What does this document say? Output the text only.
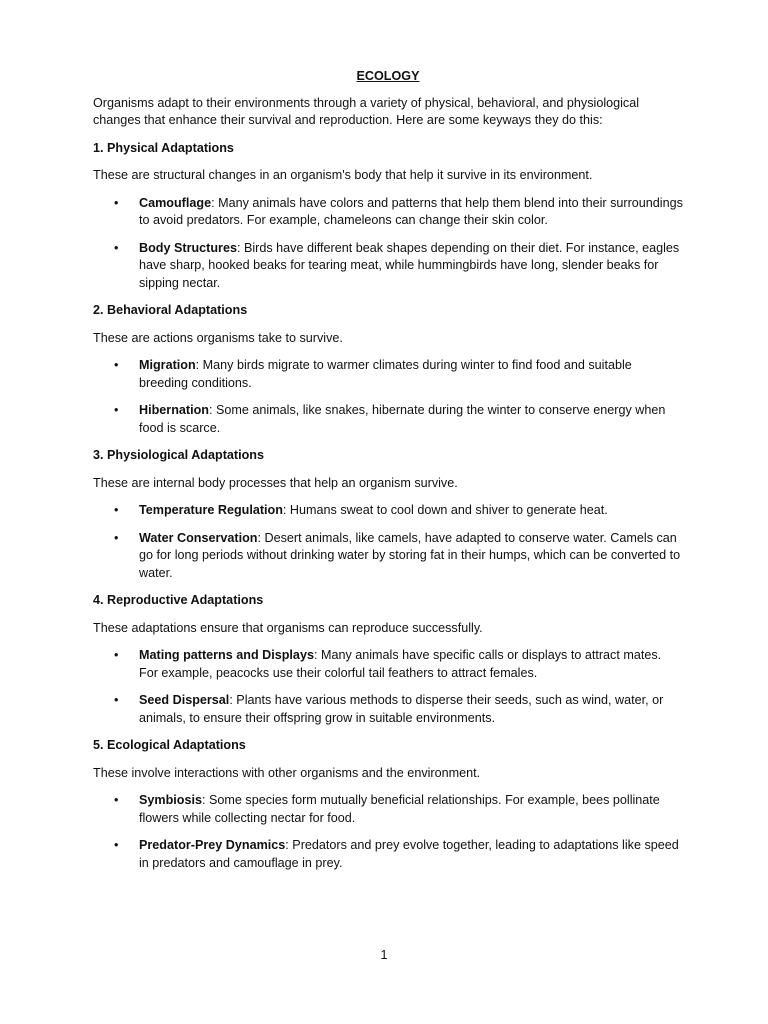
ECOLOGY

Organisms adapt to their environments through a variety of physical, behavioral, and physiological changes that enhance their survival and reproduction. Here are some keyways they do this:

1. Physical Adaptations

These are structural changes in an organism's body that help it survive in its environment.

• Camouflage: Many animals have colors and patterns that help them blend into their surroundings to avoid predators. For example, chameleons can change their skin color.
• Body Structures: Birds have different beak shapes depending on their diet. For instance, eagles have sharp, hooked beaks for tearing meat, while hummingbirds have long, slender beaks for sipping nectar.

2. Behavioral Adaptations

These are actions organisms take to survive.

• Migration: Many birds migrate to warmer climates during winter to find food and suitable breeding conditions.
• Hibernation: Some animals, like snakes, hibernate during the winter to conserve energy when food is scarce.

3. Physiological Adaptations

These are internal body processes that help an organism survive.

• Temperature Regulation: Humans sweat to cool down and shiver to generate heat.
• Water Conservation: Desert animals, like camels, have adapted to conserve water. Camels can go for long periods without drinking water by storing fat in their humps, which can be converted to water.

4. Reproductive Adaptations

These adaptations ensure that organisms can reproduce successfully.

• Mating patterns and Displays: Many animals have specific calls or displays to attract mates. For example, peacocks use their colorful tail feathers to attract females.
• Seed Dispersal: Plants have various methods to disperse their seeds, such as wind, water, or animals, to ensure their offspring grow in suitable environments.

5. Ecological Adaptations

These involve interactions with other organisms and the environment.

• Symbiosis: Some species form mutually beneficial relationships. For example, bees pollinate flowers while collecting nectar for food.
• Predator-Prey Dynamics: Predators and prey evolve together, leading to adaptations like speed in predators and camouflage in prey.
1
